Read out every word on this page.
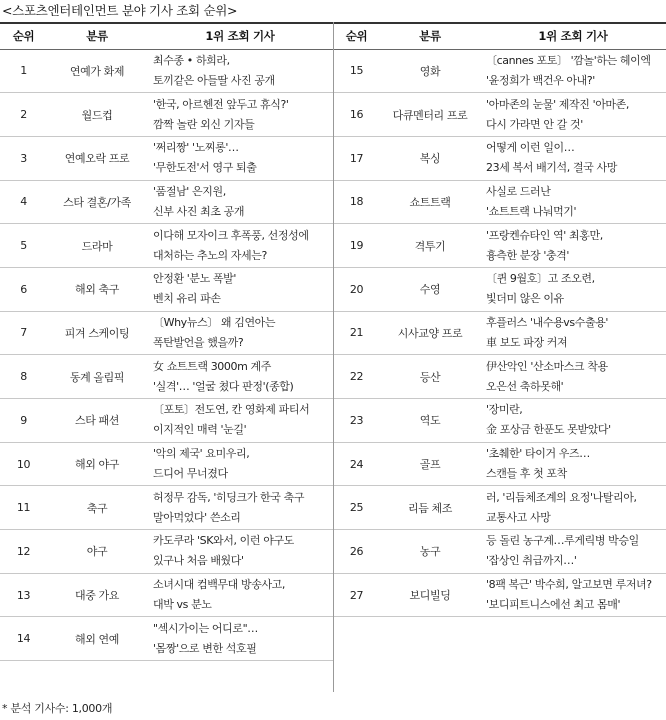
<스포츠엔터테인먼트 분야 기사 조회 순위>
순위	분류	1위 조회 기사
1	연예가 화제	최수종 • 하희라,
토끼같은 아들딸 사진 공개

2	월드컵	'한국, 아르헨전 앞두고 휴식?'
깜짝 놀란 외신 기자들

3	연예오락 프로	'쩌리짱' '노찌롱'…
'무한도전'서 영구 퇴출

4	스타 결혼/가족	'품절남' 은지원,
신부 사진 최초 공개

5	드라마	이다해 모자이크 후폭풍, 선정성에
대처하는 추노의 자세는?

6	해외 축구	안정환 '분노 폭발'
벤치 유리 파손

7	피겨 스케이팅	〔Why뉴스〕 왜 김연아는
폭탄발언을 했을까?

8	동계 올림픽	女 쇼트트랙 3000m 계주
'실격'… '얼굴 쳤다 판정'(종합)

9	스타 패션	〔포토〕전도연, 칸 영화제 파티서
이지적인 매력 '눈길'

10	해외 야구	'악의 제국' 요미우리,
드디어 무너졌다

11	축구	허정무 감독, '히딩크가 한국 축구
말아먹었다' 쓴소리

12	야구	카도쿠라 'SK와서, 이런 야구도
있구나 처음 배웠다'

13	대중 가요	소녀시대 컴백무대 방송사고,
대박 vs 분노

14	해외 연예	"섹시가이는 어디로"…
'몸짱'으로 변한 석호필
순위	분류	1위 조회 기사
15	영화	〔cannes 포토〕 '깜놀'하는 헤이엑
'윤정희가 백건우 아내?'

16	다큐멘터리 프로	'아마존의 눈물' 제작진 '아마존,
다시 가라면 안 갈 것'

17	복싱	어떻게 이런 일이…
23세 복서 배기석, 결국 사망

18	쇼트트랙	사실로 드러난
'쇼트트랙 나눠먹기'

19	격투기	'프랑켄슈타인 역' 최홍만,
흉측한 분장 '충격'

20	수영	〔퀸 9월호〕고 조오련,
빛더미 않은 이유

21	시사교양 프로	후플러스 '내수용vs수출용'
車 보도 파장 커져

22	등산	伊산악인 '산소마스크 착용
오은선 축하못해'

23	역도	'장미란,
金 포상금 한푼도 못받았다'

24	골프	'초췌한' 타이거 우즈…
스캔들 후 첫 포착

25	리듬 체조	러, '리듬체조계의 요정'나탈리아,
교통사고 사망

26	농구	등 돌린 농구계…루게릭병 박승일
'잡상인 취급까지…'

27	보디빌딩	'8팩 복근' 박수희, 알고보면 루저녀?
'보디피트니스에선 최고 몸매'
* 분석 기사수: 1,000개
